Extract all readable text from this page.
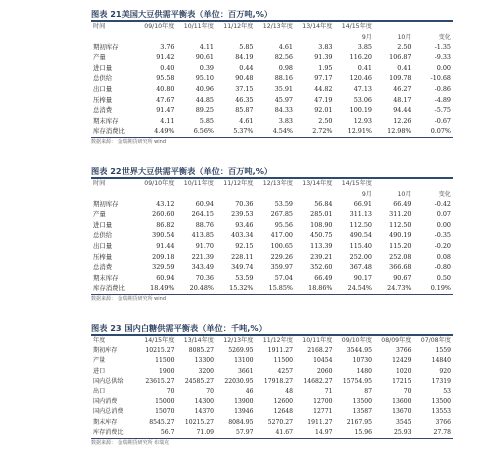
图表 21美国大豆供需平衡表（单位：百万吨,%）
时间	09/10年度	10/11年度	11/12年度	12/13年度	13/14年度	14/15年度		
						9月	10月	变化
期初库存	3.76	4.11	5.85	4.61	3.83	3.85	2.50	-1.35
产量	91.42	90.61	84.19	82.56	91.39	116.20	106.87	-9.33
进口量	0.40	0.39	0.44	0.98	1.95	0.41	0.41	0.00
总供给	95.58	95.10	90.48	88.16	97.17	120.46	109.78	-10.68
出口量	40.80	40.96	37.15	35.91	44.82	47.13	46.27	-0.86
压榨量	47.67	44.85	46.35	45.97	47.19	53.06	48.17	-4.89
总消费	91.47	89.25	85.87	84.33	92.01	100.19	94.44	-5.75
期末库存	4.11	5.85	4.61	3.83	2.50	12.93	12.26	-0.67
库存消费比	4.49%	6.56%	5.37%	4.54%	2.72%	12.91%	12.98%	0.07%
数据来源： 金瑞期货研究所 wind
图表 22世界大豆供需平衡表（单位：百万吨,%）
时间	09/10年度	10/11年度	11/12年度	12/13年度	13/14年度	14/15年度		
						9月	10月	变化
期初库存	43.12	60.94	70.36	53.59	56.84	66.91	66.49	-0.42
产量	260.60	264.15	239.53	267.85	285.01	311.13	311.20	0.07
进口量	86.82	88.76	93.46	95.56	108.90	112.50	112.50	0.00
总供给	390.54	413.85	403.34	417.00	450.75	490.54	490.19	-0.35
出口量	91.44	91.70	92.15	100.65	113.39	115.40	115.20	-0.20
压榨量	209.18	221.39	228.11	229.26	239.21	252.00	252.08	0.08
总消费	329.59	343.49	349.74	359.97	352.60	367.48	366.68	-0.80
期末库存	60.94	70.36	53.59	57.04	66.49	90.17	90.67	0.50
库存消费比	18.49%	20.48%	15.32%	15.85%	18.86%	24.54%	24.73%	0.19%
数据来源： 金瑞期货研究所 wind
图表 23 国内白糖供需平衡表（单位：千吨,%）
年度	14/15年度	13/14年度	12/13年度	11/12年度	10/11年度	09/10年度	08/09年度	07/08年度
期初库存	10215.27	8085.27	5269.95	1911.27	2168.27	3544.95	3766	1559
产量	11500	13300	13100	11500	10454	10730	12429	14840
进口	1900	3200	3661	4257	2060	1480	1020	920
国内总供给	23615.27	24585.27	22030.95	17918.27	14682.27	15754.95	17215	17319
出口	70	70	46	48	71	87	70	53
国内消费	15000	14300	13900	12600	12700	13500	13600	13500
国内总消费	15070	14370	13946	12648	12771	13587	13670	13553
期末库存	8545.27	10215.27	8084.95	5270.27	1911.27	2167.95	3545	3766
库存消费比	56.7	71.09	57.97	41.67	14.97	15.96	25.93	27.78
数据来源： 金瑞期货研究所 布瑞克
